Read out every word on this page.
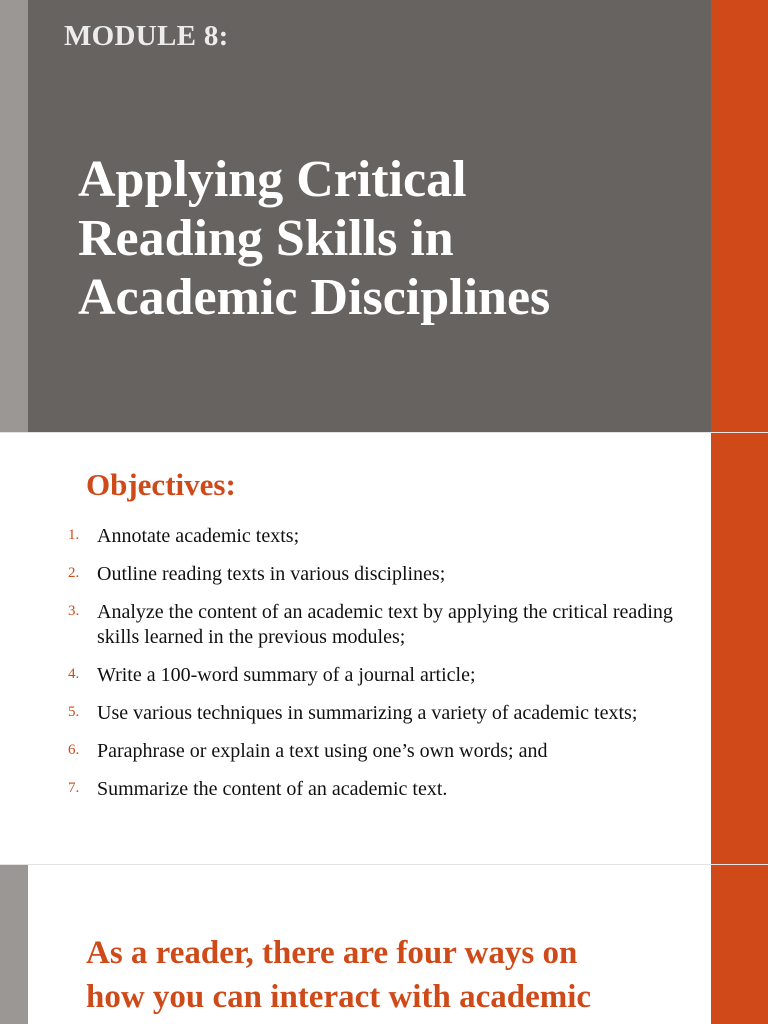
MODULE 8:
Applying Critical
Reading Skills in
Academic Disciplines
Objectives:
1. Annotate academic texts;
2. Outline reading texts in various disciplines;
3. Analyze the content of an academic text by applying the critical reading skills learned in the previous modules;
4. Write a 100-word summary of a journal article;
5. Use various techniques in summarizing a variety of academic texts;
6. Paraphrase or explain a text using one’s own words; and
7. Summarize the content of an academic text.
As a reader, there are four ways on
how you can interact with academic
